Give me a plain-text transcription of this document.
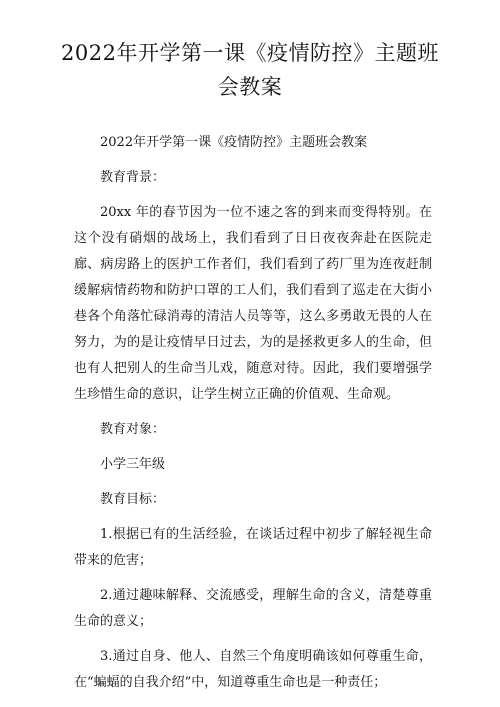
2022年开学第一课《疫情防控》主题班会教案

2022年开学第一课《疫情防控》主题班会教案

教育背景：

20xx 年的春节因为一位不速之客的到来而变得特别。在这个没有硝烟的战场上，我们看到了日日夜夜奔赴在医院走廊、病房路上的医护工作者们，我们看到了药厂里为连夜赶制缓解病情药物和防护口罩的工人们，我们看到了巡走在大街小巷各个角落忙碌消毒的清洁人员等等，这么多勇敢无畏的人在努力，为的是让疫情早日过去，为的是拯救更多人的生命，但也有人把别人的生命当儿戏，随意对待。因此，我们要增强学生珍惜生命的意识，让学生树立正确的价值观、生命观。

教育对象：

小学三年级

教育目标：

1.根据已有的生活经验，在谈话过程中初步了解轻视生命带来的危害；

2.通过趣味解释、交流感受，理解生命的含义，清楚尊重生命的意义；

3.通过自身、他人、自然三个角度明确该如何尊重生命，在“蝙蝠的自我介绍”中，知道尊重生命也是一种责任；
